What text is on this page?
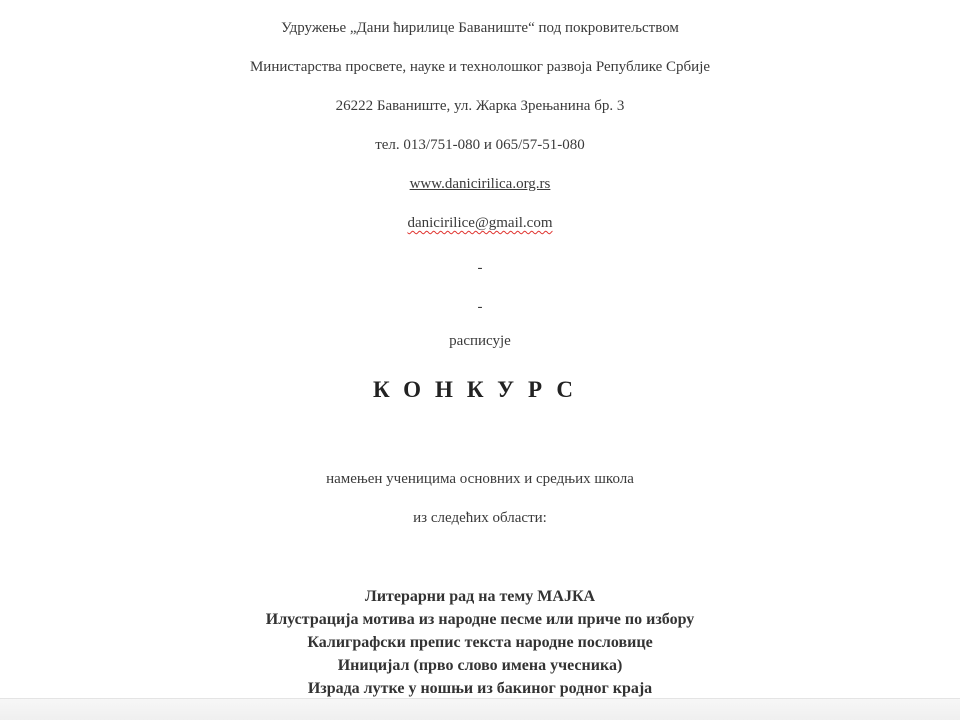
Удружење „Дани ћирилице Бавaниште“ под покровитељством
Министарства просвете, науке и технолошког развоја Републике Србије
26222 Баваниште, ул. Жарка Зрењанина бр. 3
тел. 013/751-080 и 065/57-51-080
www.danicirilica.org.rs
danicirilice@gmail.com
-
-
расписује
КОНКУРС
намењен ученицима основних и средњих школа
из следећих области:
Литерарни рад на тему МАЈКА
Илустрација мотива из народне песме или приче по избору
Калиграфски препис текста народне пословице
Иницијал (прво слово имена учесника)
Израда лутке у ношњи из бакиног родног краја
